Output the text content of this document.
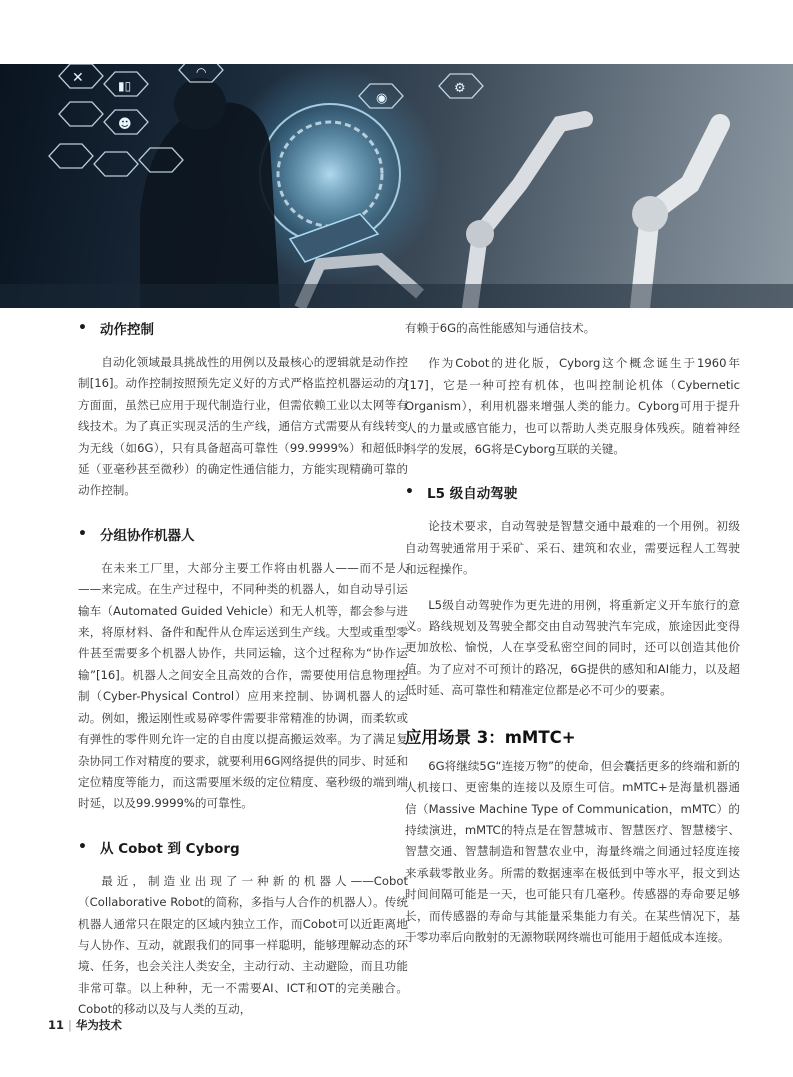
✕	▮▯
☻
◠
◉
⚙
• 动作控制

自动化领域最具挑战性的用例以及最核心的逻辑就是动作控制[16]。动作控制按照预先定义好的方式严格监控机器运动的方方面面，虽然已应用于现代制造行业，但需依赖工业以太网等有线技术。为了真正实现灵活的生产线，通信方式需要从有线转变为无线（如6G），只有具备超高可靠性（99.9999%）和超低时延（亚毫秒甚至微秒）的确定性通信能力，方能实现精确可靠的动作控制。

• 分组协作机器人

在未来工厂里，大部分主要工作将由机器人——而不是人——来完成。在生产过程中，不同种类的机器人，如自动导引运输车（Automated Guided Vehicle）和无人机等，都会参与进来，将原材料、备件和配件从仓库运送到生产线。大型或重型零件甚至需要多个机器人协作，共同运输，这个过程称为“协作运输”[16]。机器人之间安全且高效的合作，需要使用信息物理控制（Cyber-Physical Control）应用来控制、协调机器人的运动。例如，搬运刚性或易碎零件需要非常精准的协调，而柔软或有弹性的零件则允许一定的自由度以提高搬运效率。为了满足复杂协同工作对精度的要求，就要利用6G网络提供的同步、时延和定位精度等能力，而这需要厘米级的定位精度、毫秒级的端到端时延，以及99.9999%的可靠性。

• 从 Cobot 到 Cyborg

最近，制造业出现了一种新的机器人——Cobot（Collaborative Robot的简称，多指与人合作的机器人）。传统机器人通常只在限定的区域内独立工作，而Cobot可以近距离地与人协作、互动，就跟我们的同事一样聪明，能够理解动态的环境、任务，也会关注人类安全，主动行动、主动避险，而且功能非常可靠。以上种种，无一不需要AI、ICT和OT的完美融合。Cobot的移动以及与人类的互动，

有赖于6G的高性能感知与通信技术。

作为Cobot的进化版，Cyborg这个概念诞生于1960年[17]，它是一种可控有机体，也叫控制论机体（Cybernetic Organism），利用机器来增强人类的能力。Cyborg可用于提升人的力量或感官能力，也可以帮助人类克服身体残疾。随着神经科学的发展，6G将是Cyborg互联的关键。

• L5 级自动驾驶

论技术要求，自动驾驶是智慧交通中最难的一个用例。初级自动驾驶通常用于采矿、采石、建筑和农业，需要远程人工驾驶和远程操作。

L5级自动驾驶作为更先进的用例，将重新定义开车旅行的意义。路线规划及驾驶全都交由自动驾驶汽车完成，旅途因此变得更加放松、愉悦，人在享受私密空间的同时，还可以创造其他价值。为了应对不可预计的路况，6G提供的感知和AI能力，以及超低时延、高可靠性和精准定位都是必不可少的要素。

应用场景 3：mMTC+

6G将继续5G“连接万物”的使命，但会囊括更多的终端和新的人机接口、更密集的连接以及原生可信。mMTC+是海量机器通信（Massive Machine Type of Communication，mMTC）的持续演进，mMTC的特点是在智慧城市、智慧医疗、智慧楼宇、智慧交通、智慧制造和智慧农业中，海量终端之间通过轻度连接来承载零散业务。所需的数据速率在极低到中等水平，报文到达时间间隔可能是一天，也可能只有几毫秒。传感器的寿命要足够长，而传感器的寿命与其能量采集能力有关。在某些情况下，基于零功率后向散射的无源物联网终端也可能用于超低成本连接。

11 | 华为技术
